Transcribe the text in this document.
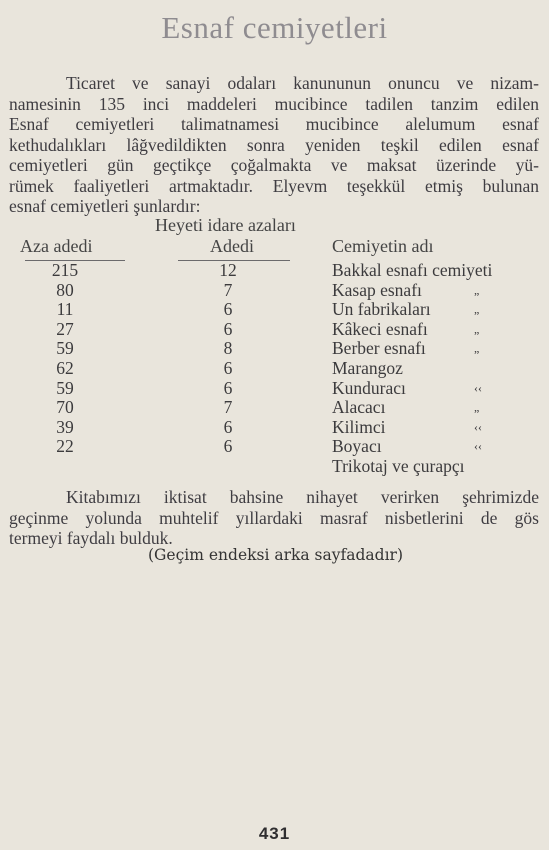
Esnaf cemiyetleri
Ticaret ve sanayi odaları kanununun onuncu ve nizam-
namesinin 135 inci maddeleri mucibince tadilen tanzim edilen
Esnaf cemiyetleri talimatnamesi mucibince alelumum esnaf
kethudalıkları lâğvedildikten sonra yeniden teşkil edilen esnaf
cemiyetleri gün geçtikçe çoğalmakta ve maksat üzerinde yü-
rümek faaliyetleri artmaktadır. Elyevm teşekkül etmiş bulunan
esnaf cemiyetleri şunlardır:
Heyeti idare azaları
Aza adedi	Adedi	Cemiyetin adı
215	12	Bakkal esnafı cemiyeti
80	7	Kasap esnafı	„
11	6	Un fabrikaları	„
27	6	Kâkeci esnafı	„
59	8	Berber esnafı	„
62	6	Marangoz
59	6	Kunduracı	‹‹
70	7	Alacacı	„
39	6	Kilimci	‹‹
22	6	Boyacı	‹‹
Trikotaj ve çurapçı
Kitabımızı iktisat bahsine nihayet verirken şehrimizde
geçinme yolunda muhtelif yıllardaki masraf nisbetlerini de gös
termeyi faydalı bulduk.
(Geçim endeksi arka sayfadadır)
431
